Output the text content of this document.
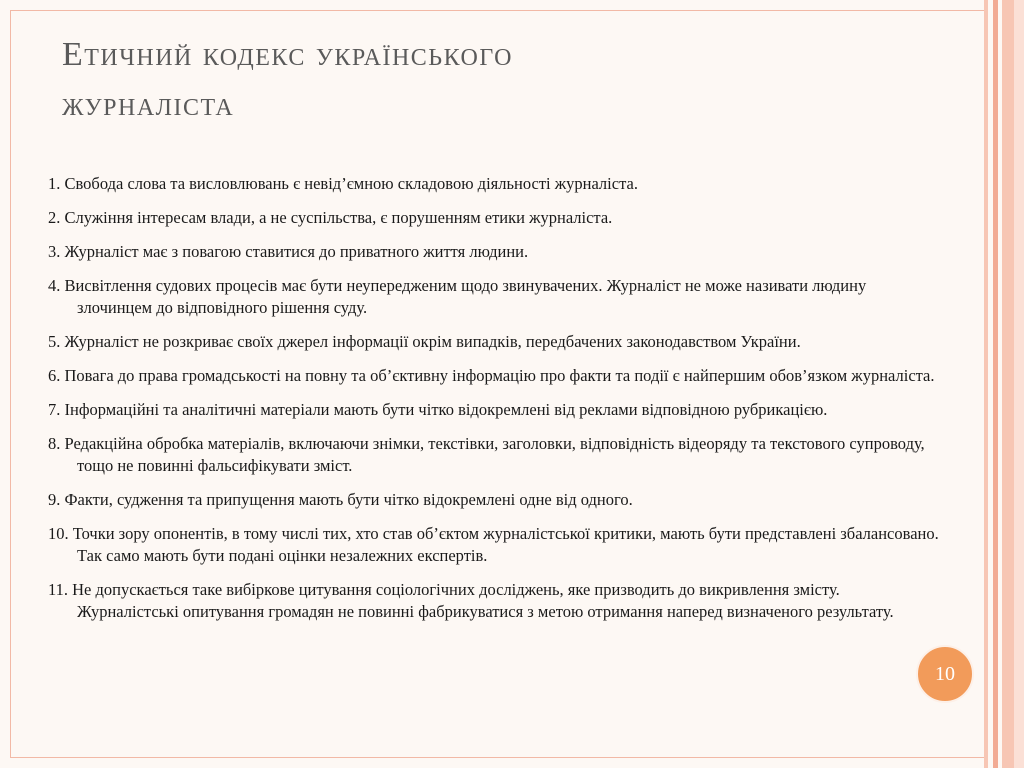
Етичний кодекс українського
журналіста
1. Свобода слова та висловлювань є невід’ємною складовою діяльності журналіста.
2. Служіння інтересам влади, а не суспільства, є порушенням етики журналіста.
3. Журналіст має з повагою ставитися до приватного життя людини.
4. Висвітлення судових процесів має бути неупередженим щодо звинувачених. Журналіст не може називати людину злочинцем до відповідного рішення суду.
5. Журналіст не розкриває своїх джерел інформації окрім випадків, передбачених законодавством України.
6. Повага до права громадськості на повну та об’єктивну інформацію про факти та події є найпершим обов’язком журналіста.
7. Інформаційні та аналітичні матеріали мають бути чітко відокремлені від реклами відповідною рубрикацією.
8. Редакційна обробка матеріалів, включаючи знімки, текстівки, заголовки, відповідність відеоряду та текстового супроводу, тощо не повинні фальсифікувати зміст.
9. Факти, судження та припущення мають бути чітко відокремлені одне від одного.
10. Точки зору опонентів, в тому числі тих, хто став об’єктом журналістської критики, мають бути представлені збалансовано. Так само мають бути подані оцінки незалежних експертів.
11. Не допускається таке вибіркове цитування соціологічних досліджень, яке призводить до викривлення змісту. Журналістські опитування громадян не повинні фабрикуватися з метою отримання наперед визначеного результату.
10
